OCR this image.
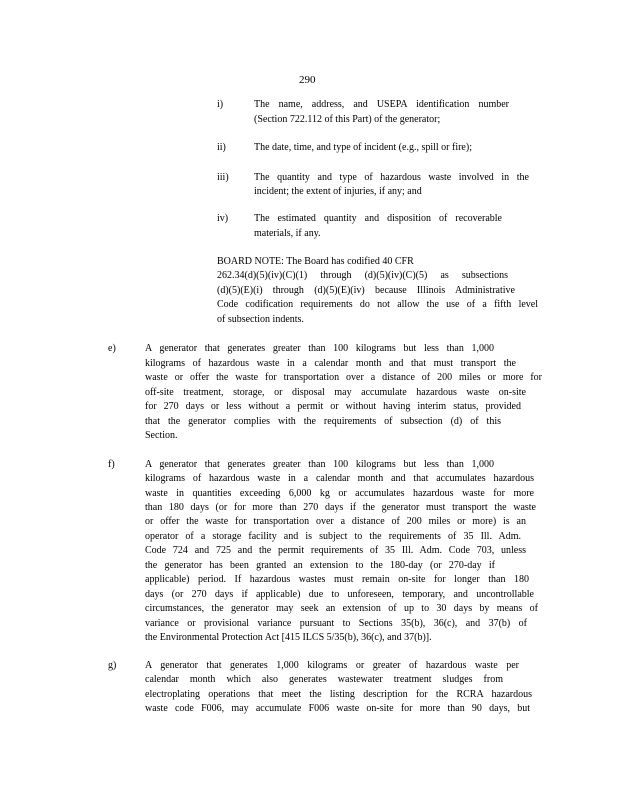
290
i)	The name, address, and USEPA identification number
(Section 722.112 of this Part) of the generator;
ii)	The date, time, and type of incident (e.g., spill or fire);
iii)	The quantity and type of hazardous waste involved in the
incident; the extent of injuries, if any; and
iv)	The estimated quantity and disposition of recoverable
materials, if any.
BOARD NOTE: The Board has codified 40 CFR
262.34(d)(5)(iv)(C)(1) through (d)(5)(iv)(C)(5) as subsections
(d)(5)(E)(i) through (d)(5)(E)(iv) because Illinois Administrative
Code codification requirements do not allow the use of a fifth level
of subsection indents.
e)	A generator that generates greater than 100 kilograms but less than 1,000
kilograms of hazardous waste in a calendar month and that must transport the
waste or offer the waste for transportation over a distance of 200 miles or more for
off-site treatment, storage, or disposal may accumulate hazardous waste on-site
for 270 days or less without a permit or without having interim status, provided
that the generator complies with the requirements of subsection (d) of this
Section.
f)	A generator that generates greater than 100 kilograms but less than 1,000
kilograms of hazardous waste in a calendar month and that accumulates hazardous
waste in quantities exceeding 6,000 kg or accumulates hazardous waste for more
than 180 days (or for more than 270 days if the generator must transport the waste
or offer the waste for transportation over a distance of 200 miles or more) is an
operator of a storage facility and is subject to the requirements of 35 Ill. Adm.
Code 724 and 725 and the permit requirements of 35 Ill. Adm. Code 703, unless
the generator has been granted an extension to the 180-day (or 270-day if
applicable) period. If hazardous wastes must remain on-site for longer than 180
days (or 270 days if applicable) due to unforeseen, temporary, and uncontrollable
circumstances, the generator may seek an extension of up to 30 days by means of
variance or provisional variance pursuant to Sections 35(b), 36(c), and 37(b) of
the Environmental Protection Act [415 ILCS 5/35(b), 36(c), and 37(b)].
g)	A generator that generates 1,000 kilograms or greater of hazardous waste per
calendar month which also generates wastewater treatment sludges from
electroplating operations that meet the listing description for the RCRA hazardous
waste code F006, may accumulate F006 waste on-site for more than 90 days, but
